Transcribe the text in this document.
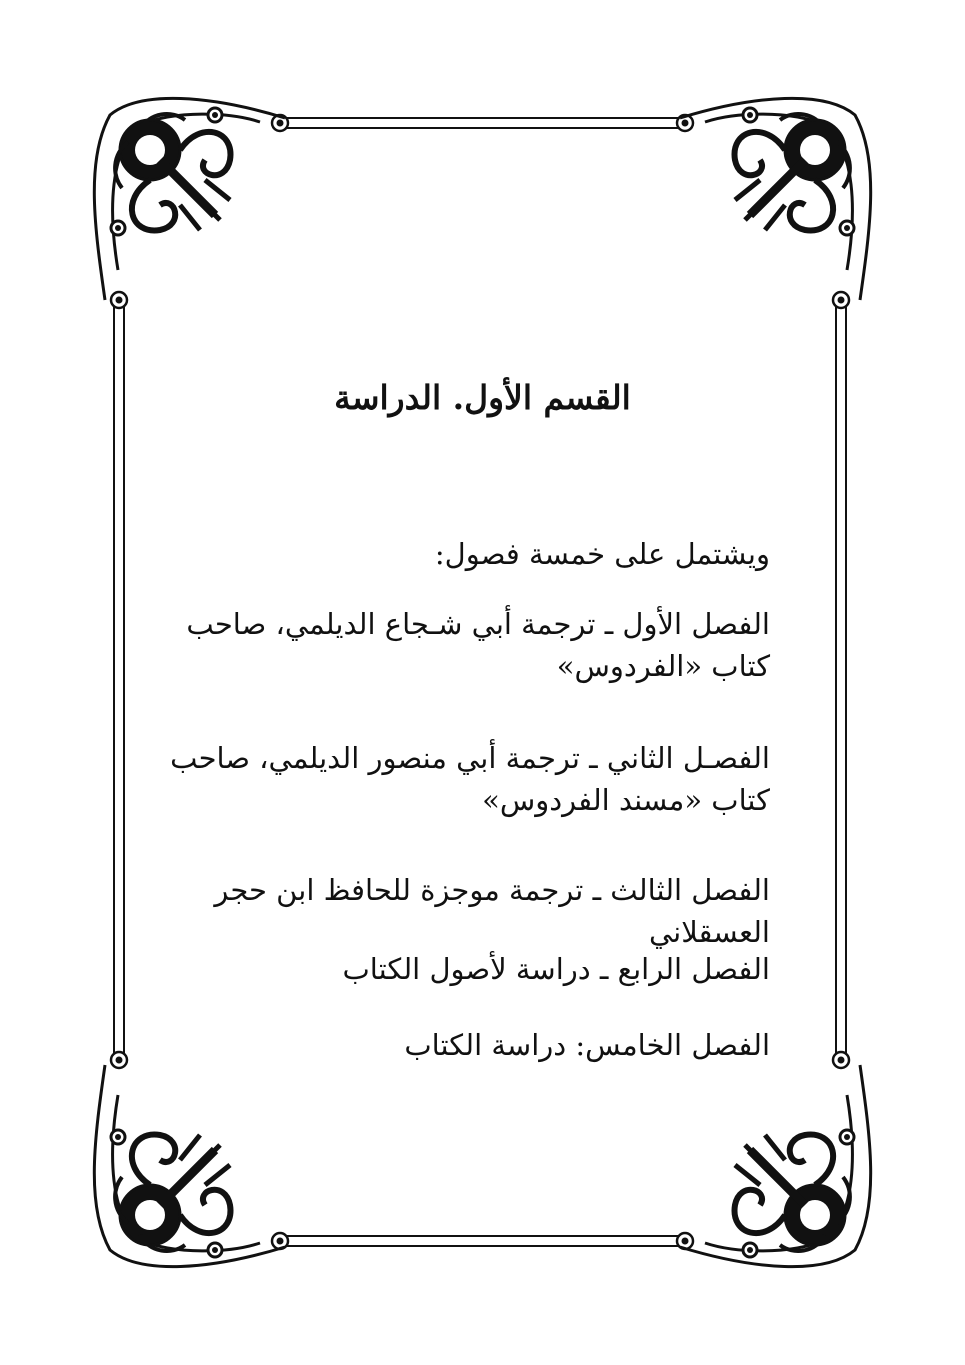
القسم الأول. الدراسة
ويشتمل على خمسة فصول:
الفصل الأول ـ ترجمة أبي شـجاع الديلمي، صاحب كتاب «الفردوس»
الفصـل الثاني ـ ترجمة أبي منصور الديلمي، صاحب كتاب «مسند الفردوس»
الفصل الثالث ـ ترجمة موجزة للحافظ ابن حجر العسقلاني
الفصل الرابع ـ دراسة لأصول الكتاب
الفصل الخامس: دراسة الكتاب
